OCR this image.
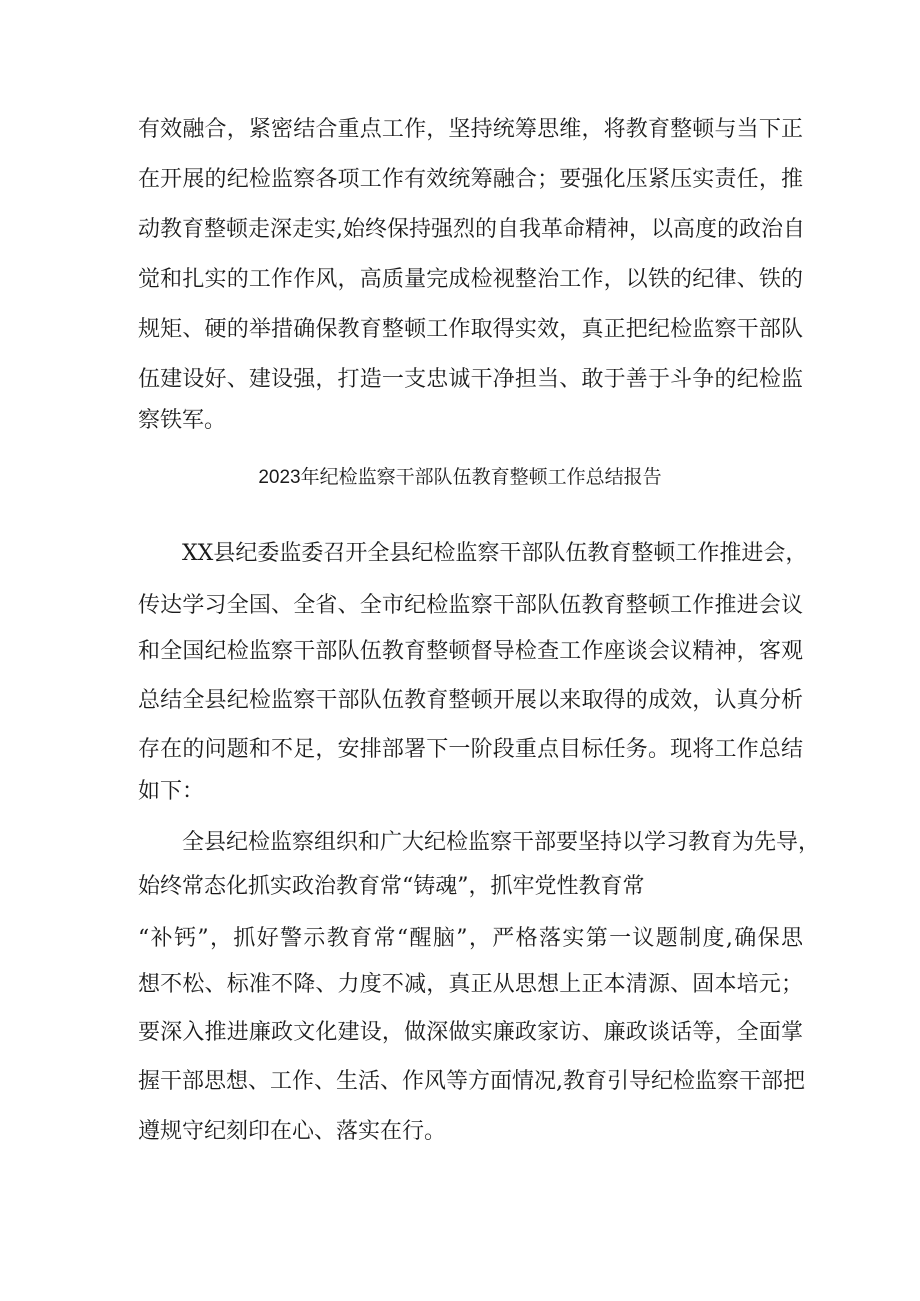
有效融合，紧密结合重点工作，坚持统筹思维，将教育整顿与当下正
在开展的纪检监察各项工作有效统筹融合；要强化压紧压实责任，推
动教育整顿走深走实,始终保持强烈的自我革命精神，以高度的政治自
觉和扎实的工作作风，高质量完成检视整治工作，以铁的纪律、铁的
规矩、硬的举措确保教育整顿工作取得实效，真正把纪检监察干部队
伍建设好、建设强，打造一支忠诚干净担当、敢于善于斗争的纪检监
察铁军。
2023年纪检监察干部队伍教育整顿工作总结报告
XX县纪委监委召开全县纪检监察干部队伍教育整顿工作推进会，
传达学习全国、全省、全市纪检监察干部队伍教育整顿工作推进会议
和全国纪检监察干部队伍教育整顿督导检查工作座谈会议精神，客观
总结全县纪检监察干部队伍教育整顿开展以来取得的成效，认真分析
存在的问题和不足，安排部署下一阶段重点目标任务。现将工作总结
如下：
全县纪检监察组织和广大纪检监察干部要坚持以学习教育为先导，
始终常态化抓实政治教育常“铸魂”，抓牢党性教育常
“补钙”，抓好警示教育常“醒脑”，严格落实第一议题制度,确保思
想不松、标准不降、力度不减，真正从思想上正本清源、固本培元；
要深入推进廉政文化建设，做深做实廉政家访、廉政谈话等，全面掌
握干部思想、工作、生活、作风等方面情况,教育引导纪检监察干部把
遵规守纪刻印在心、落实在行。
